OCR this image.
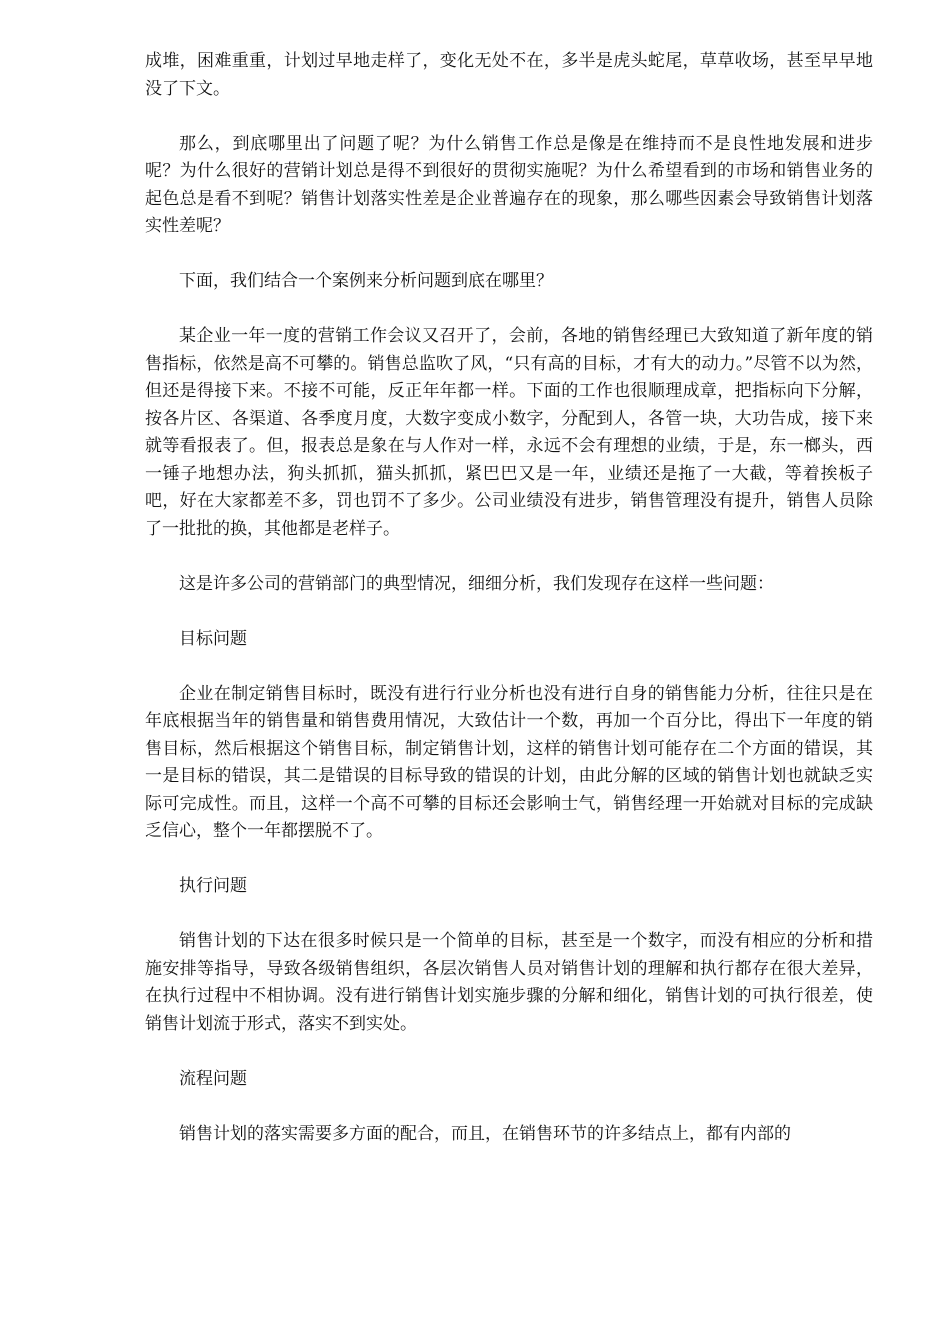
成堆，困难重重，计划过早地走样了，变化无处不在，多半是虎头蛇尾，草草收场，甚至早早地没了下文。

那么，到底哪里出了问题了呢？为什么销售工作总是像是在维持而不是良性地发展和进步呢？为什么很好的营销计划总是得不到很好的贯彻实施呢？为什么希望看到的市场和销售业务的起色总是看不到呢？销售计划落实性差是企业普遍存在的现象，那么哪些因素会导致销售计划落实性差呢？

下面，我们结合一个案例来分析问题到底在哪里？

某企业一年一度的营销工作会议又召开了，会前，各地的销售经理已大致知道了新年度的销售指标，依然是高不可攀的。销售总监吹了风，“只有高的目标，才有大的动力。”尽管不以为然，但还是得接下来。不接不可能，反正年年都一样。下面的工作也很顺理成章，把指标向下分解，按各片区、各渠道、各季度月度，大数字变成小数字，分配到人，各管一块，大功告成，接下来就等看报表了。但，报表总是象在与人作对一样，永远不会有理想的业绩，于是，东一榔头，西一锤子地想办法，狗头抓抓，猫头抓抓，紧巴巴又是一年，业绩还是拖了一大截，等着挨板子吧，好在大家都差不多，罚也罚不了多少。公司业绩没有进步，销售管理没有提升，销售人员除了一批批的换，其他都是老样子。

这是许多公司的营销部门的典型情况，细细分析，我们发现存在这样一些问题：

目标问题

企业在制定销售目标时，既没有进行行业分析也没有进行自身的销售能力分析，往往只是在年底根据当年的销售量和销售费用情况，大致估计一个数，再加一个百分比，得出下一年度的销售目标，然后根据这个销售目标，制定销售计划，这样的销售计划可能存在二个方面的错误，其一是目标的错误，其二是错误的目标导致的错误的计划，由此分解的区域的销售计划也就缺乏实际可完成性。而且，这样一个高不可攀的目标还会影响士气，销售经理一开始就对目标的完成缺乏信心，整个一年都摆脱不了。

执行问题

销售计划的下达在很多时候只是一个简单的目标，甚至是一个数字，而没有相应的分析和措施安排等指导，导致各级销售组织，各层次销售人员对销售计划的理解和执行都存在很大差异，在执行过程中不相协调。没有进行销售计划实施步骤的分解和细化，销售计划的可执行很差，使销售计划流于形式，落实不到实处。

流程问题

销售计划的落实需要多方面的配合，而且，在销售环节的许多结点上，都有内部的
